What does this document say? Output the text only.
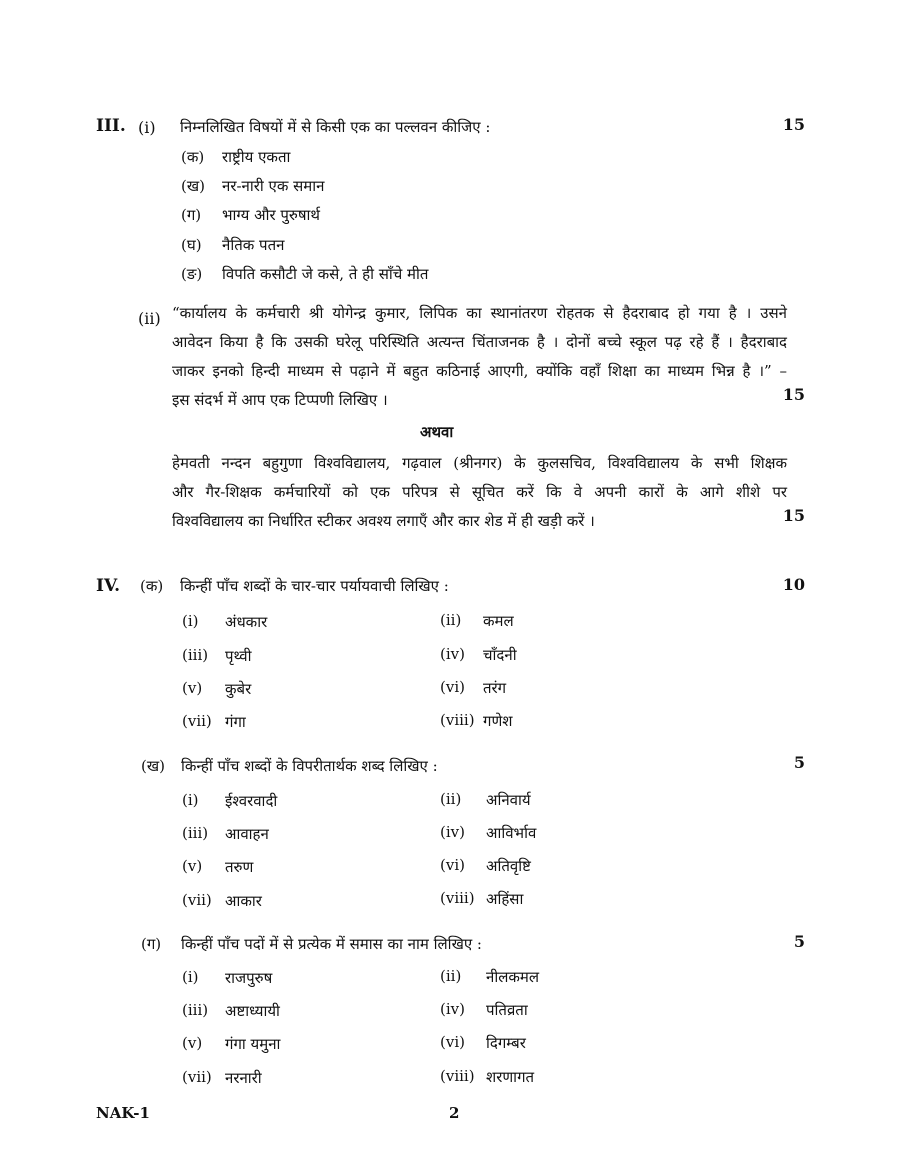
III. (i) निम्नलिखित विषयों में से किसी एक का पल्लवन कीजिए :	15
(क) राष्ट्रीय एकता
(ख) नर-नारी एक समान
(ग) भाग्य और पुरुषार्थ
(घ) नैतिक पतन
(ङ) विपति कसौटी जे कसे, ते ही साँचे मीत
(ii) “कार्यालय के कर्मचारी श्री योगेन्द्र कुमार, लिपिक का स्थानांतरण रोहतक से हैदराबाद हो गया है । उसने
आवेदन किया है कि उसकी घरेलू परिस्थिति अत्यन्त चिंताजनक है । दोनों बच्चे स्कूल पढ़ रहे हैं । हैदराबाद
जाकर इनको हिन्दी माध्यम से पढ़ाने में बहुत कठिनाई आएगी, क्योंकि वहाँ शिक्षा का माध्यम भिन्न है ।” –
इस संदर्भ में आप एक टिप्पणी लिखिए ।	15
अथवा
हेमवती नन्दन बहुगुणा विश्वविद्यालय, गढ़वाल (श्रीनगर) के कुलसचिव, विश्वविद्यालय के सभी शिक्षक
और गैर-शिक्षक कर्मचारियों को एक परिपत्र से सूचित करें कि वे अपनी कारों के आगे शीशे पर
विश्वविद्यालय का निर्धारित स्टीकर अवश्य लगाएँ और कार शेड में ही खड़ी करें ।	15
IV. (क) किन्हीं पाँच शब्दों के चार-चार पर्यायवाची लिखिए :	10
(i) अंधकार	(ii) कमल
(iii) पृथ्वी	(iv) चाँदनी
(v) कुबेर	(vi) तरंग
(vii) गंगा	(viii) गणेश
(ख) किन्हीं पाँच शब्दों के विपरीतार्थक शब्द लिखिए :	5
(i) ईश्वरवादी	(ii) अनिवार्य
(iii) आवाहन	(iv) आविर्भाव
(v) तरुण	(vi) अतिवृष्टि
(vii) आकार	(viii) अहिंसा
(ग) किन्हीं पाँच पदों में से प्रत्येक में समास का नाम लिखिए :	5
(i) राजपुरुष	(ii) नीलकमल
(iii) अष्टाध्यायी	(iv) पतिव्रता
(v) गंगा यमुना	(vi) दिगम्बर
(vii) नरनारी	(viii) शरणागत
NAK-1	2
